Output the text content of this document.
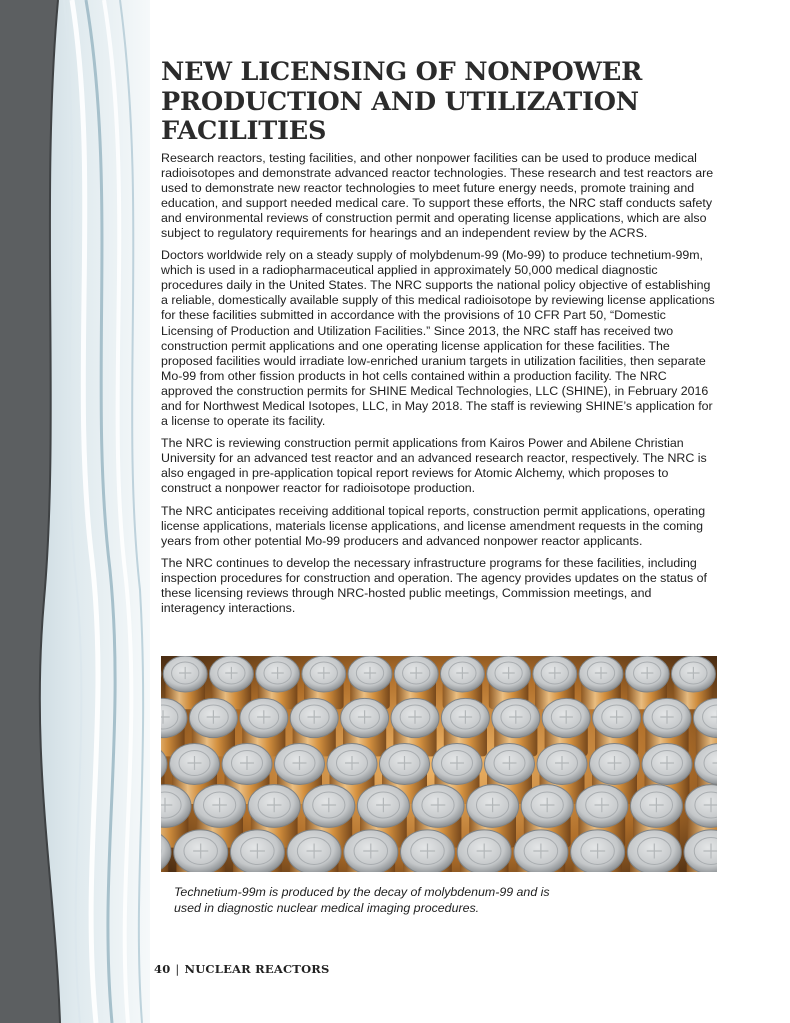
NEW LICENSING OF NONPOWER
PRODUCTION AND UTILIZATION
FACILITIES

Research reactors, testing facilities, and other nonpower facilities can be used to produce medical radioisotopes and demonstrate advanced reactor technologies. These research and test reactors are used to demonstrate new reactor technologies to meet future energy needs, promote training and education, and support needed medical care. To support these efforts, the NRC staff conducts safety and environmental reviews of construction permit and operating license applications, which are also subject to regulatory requirements for hearings and an independent review by the ACRS.

Doctors worldwide rely on a steady supply of molybdenum-99 (Mo-99) to produce technetium-99m, which is used in a radiopharmaceutical applied in approximately 50,000 medical diagnostic procedures daily in the United States. The NRC supports the national policy objective of establishing a reliable, domestically available supply of this medical radioisotope by reviewing license applications for these facilities submitted in accordance with the provisions of 10 CFR Part 50, “Domestic Licensing of Production and Utilization Facilities.” Since 2013, the NRC staff has received two construction permit applications and one operating license application for these facilities. The proposed facilities would irradiate low-enriched uranium targets in utilization facilities, then separate Mo-99 from other fission products in hot cells contained within a production facility. The NRC approved the construction permits for SHINE Medical Technologies, LLC (SHINE), in February 2016 and for Northwest Medical Isotopes, LLC, in May 2018. The staff is reviewing SHINE’s application for a license to operate its facility.

The NRC is reviewing construction permit applications from Kairos Power and Abilene Christian University for an advanced test reactor and an advanced research reactor, respectively. The NRC is also engaged in pre-application topical report reviews for Atomic Alchemy, which proposes to construct a nonpower reactor for radioisotope production.

The NRC anticipates receiving additional topical reports, construction permit applications, operating license applications, materials license applications, and license amendment requests in the coming years from other potential Mo-99 producers and advanced nonpower reactor applicants.

The NRC continues to develop the necessary infrastructure programs for these facilities, including inspection procedures for construction and operation. The agency provides updates on the status of these licensing reviews through NRC-hosted public meetings, Commission meetings, and interagency interactions.

Technetium-99m is produced by the decay of molybdenum-99 and is
used in diagnostic nuclear medical imaging procedures.
40 | NUCLEAR REACTORS
